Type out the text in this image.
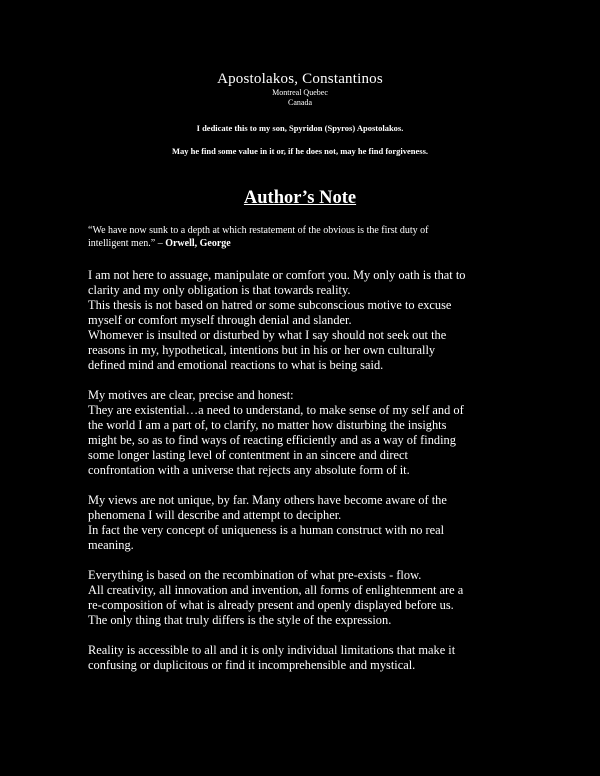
Apostolakos, Constantinos
Montreal Quebec
Canada
I dedicate this to my son, Spyridon (Spyros) Apostolakos.
May he find some value in it or, if he does not, may he find forgiveness.
Author’s Note
“We have now sunk to a depth at which restatement of the obvious is the first duty of
intelligent men.” – Orwell, George
I am not here to assuage, manipulate or comfort you. My only oath is that to
clarity and my only obligation is that towards reality.
This thesis is not based on hatred or some subconscious motive to excuse
myself or comfort myself through denial and slander.
Whomever is insulted or disturbed by what I say should not seek out the
reasons in my, hypothetical, intentions but in his or her own culturally
defined mind and emotional reactions to what is being said.
My motives are clear, precise and honest:
They are existential…a need to understand, to make sense of my self and of
the world I am a part of, to clarify, no matter how disturbing the insights
might be, so as to find ways of reacting efficiently and as a way of finding
some longer lasting level of contentment in an sincere and direct
confrontation with a universe that rejects any absolute form of it.
My views are not unique, by far. Many others have become aware of the
phenomena I will describe and attempt to decipher.
In fact the very concept of uniqueness is a human construct with no real
meaning.
Everything is based on the recombination of what pre-exists - flow.
All creativity, all innovation and invention, all forms of enlightenment are a
re-composition of what is already present and openly displayed before us.
The only thing that truly differs is the style of the expression.
Reality is accessible to all and it is only individual limitations that make it
confusing or duplicitous or find it incomprehensible and mystical.
